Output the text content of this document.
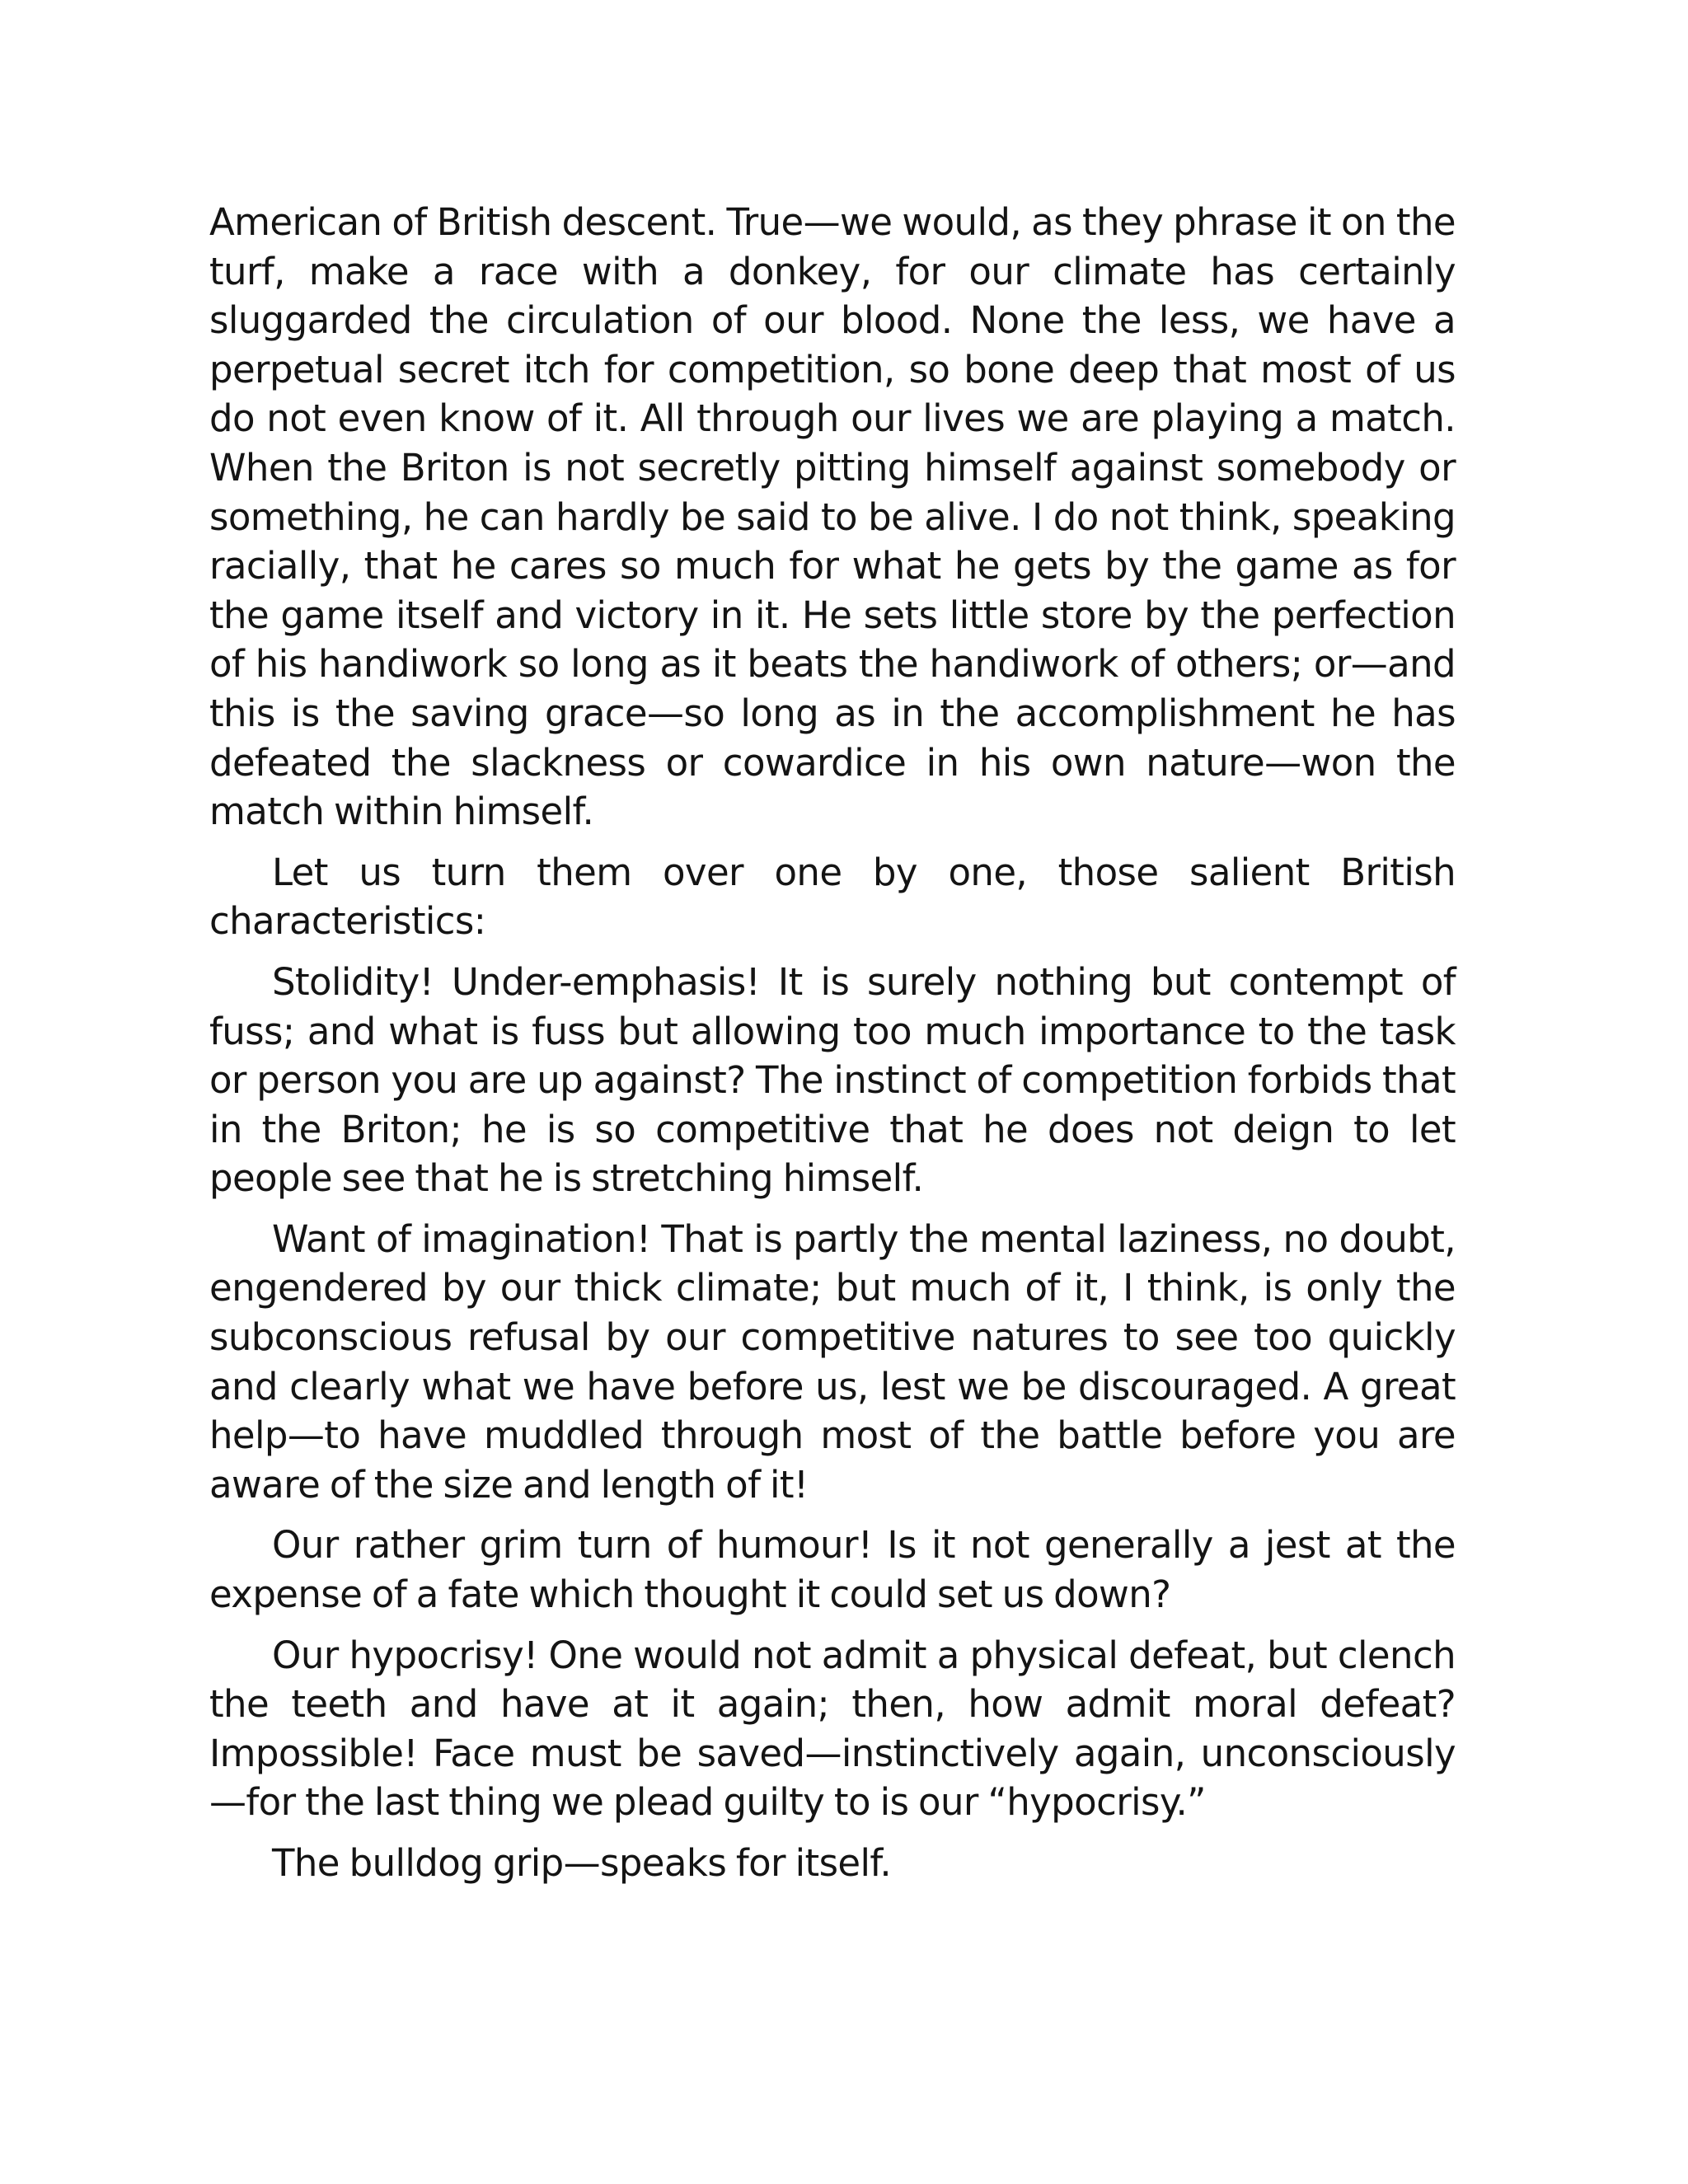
American of British descent. True—we would, as they phrase it on the turf, make a race with a donkey, for our climate has certainly sluggarded the circulation of our blood. None the less, we have a perpetual secret itch for competition, so bone deep that most of us do not even know of it. All through our lives we are playing a match. When the Briton is not secretly pitting himself against somebody or something, he can hardly be said to be alive. I do not think, speaking racially, that he cares so much for what he gets by the game as for the game itself and victory in it. He sets little store by the perfection of his handiwork so long as it beats the handiwork of others; or—and this is the saving grace—so long as in the accomplishment he has defeated the slackness or cowardice in his own nature—won the match within himself.

Let us turn them over one by one, those salient British characteristics:

Stolidity! Under-emphasis! It is surely nothing but contempt of fuss; and what is fuss but allowing too much importance to the task or person you are up against? The instinct of competition forbids that in the Briton; he is so competitive that he does not deign to let people see that he is stretching himself.

Want of imagination! That is partly the mental laziness, no doubt, engendered by our thick climate; but much of it, I think, is only the subconscious refusal by our competitive natures to see too quickly and clearly what we have before us, lest we be discouraged. A great help—to have muddled through most of the battle before you are aware of the size and length of it!

Our rather grim turn of humour! Is it not generally a jest at the expense of a fate which thought it could set us down?

Our hypocrisy! One would not admit a physical defeat, but clench the teeth and have at it again; then, how admit moral defeat? Impossible! Face must be saved—instinctively again, unconsciously—for the last thing we plead guilty to is our “hypocrisy.”

The bulldog grip—speaks for itself.
